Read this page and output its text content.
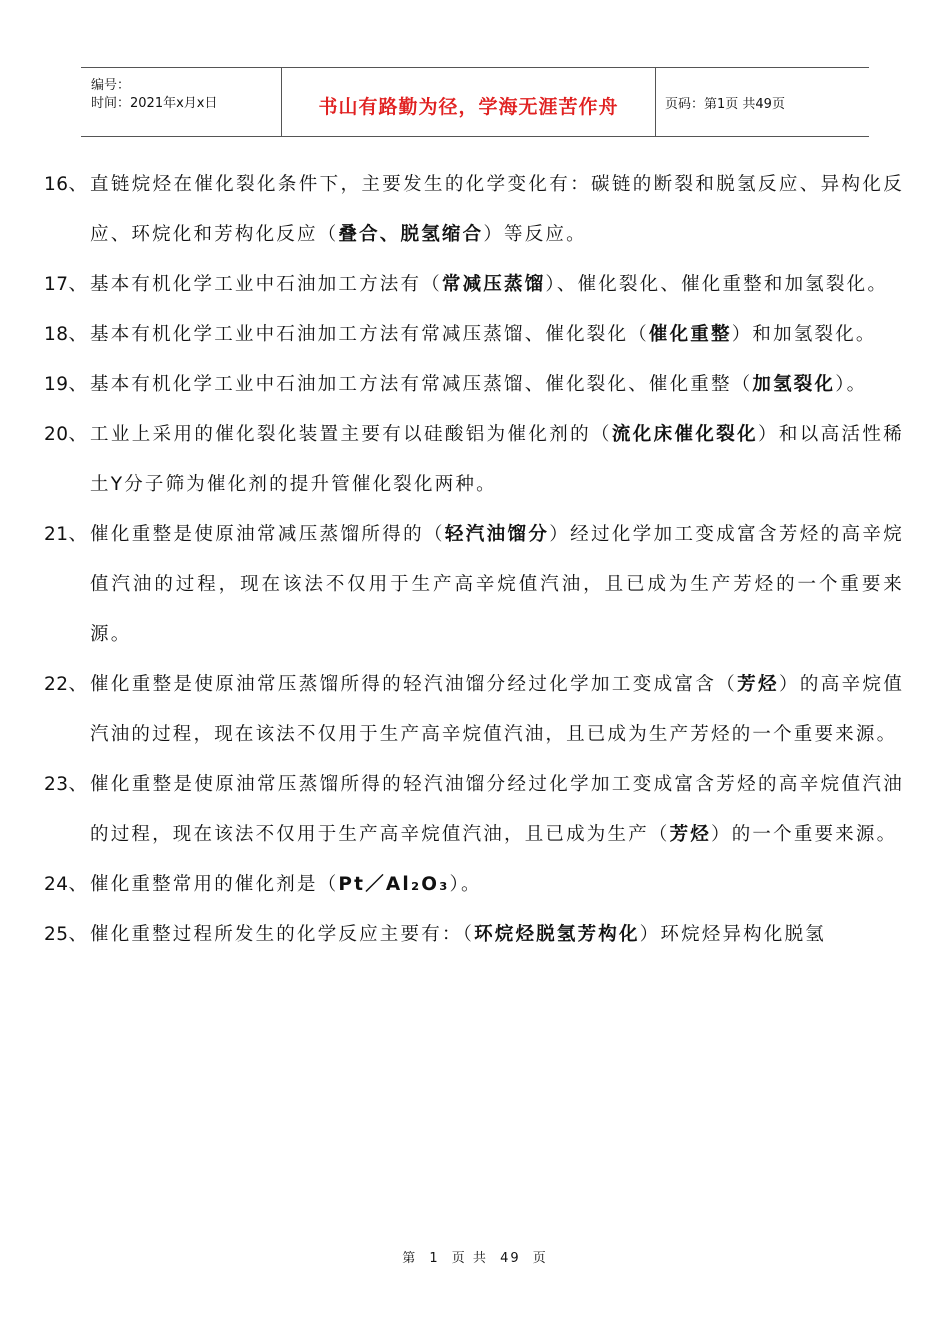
编号：
时间：2021年x月x日	书山有路勤为径，学海无涯苦作舟	页码：第1页 共49页
16、 直链烷烃在催化裂化条件下，主要发生的化学变化有：碳链的断裂和脱氢反应、异构化反应、环烷化和芳构化反应（叠合、脱氢缩合）等反应。
17、 基本有机化学工业中石油加工方法有（常减压蒸馏）、催化裂化、催化重整和加氢裂化。
18、 基本有机化学工业中石油加工方法有常减压蒸馏、催化裂化（催化重整）和加氢裂化。
19、 基本有机化学工业中石油加工方法有常减压蒸馏、催化裂化、催化重整（加氢裂化）。
20、 工业上采用的催化裂化装置主要有以硅酸铝为催化剂的（流化床催化裂化）和以高活性稀土Y分子筛为催化剂的提升管催化裂化两种。
21、 催化重整是使原油常减压蒸馏所得的（轻汽油馏分）经过化学加工变成富含芳烃的高辛烷值汽油的过程，现在该法不仅用于生产高辛烷值汽油，且已成为生产芳烃的一个重要来源。
22、 催化重整是使原油常压蒸馏所得的轻汽油馏分经过化学加工变成富含（芳烃）的高辛烷值汽油的过程，现在该法不仅用于生产高辛烷值汽油，且已成为生产芳烃的一个重要来源。
23、 催化重整是使原油常压蒸馏所得的轻汽油馏分经过化学加工变成富含芳烃的高辛烷值汽油的过程，现在该法不仅用于生产高辛烷值汽油，且已成为生产（芳烃）的一个重要来源。
24、 催化重整常用的催化剂是（Pt／Al₂O₃）。
25、 催化重整过程所发生的化学反应主要有：（环烷烃脱氢芳构化）环烷烃异构化脱氢
第 1 页 共 49 页
